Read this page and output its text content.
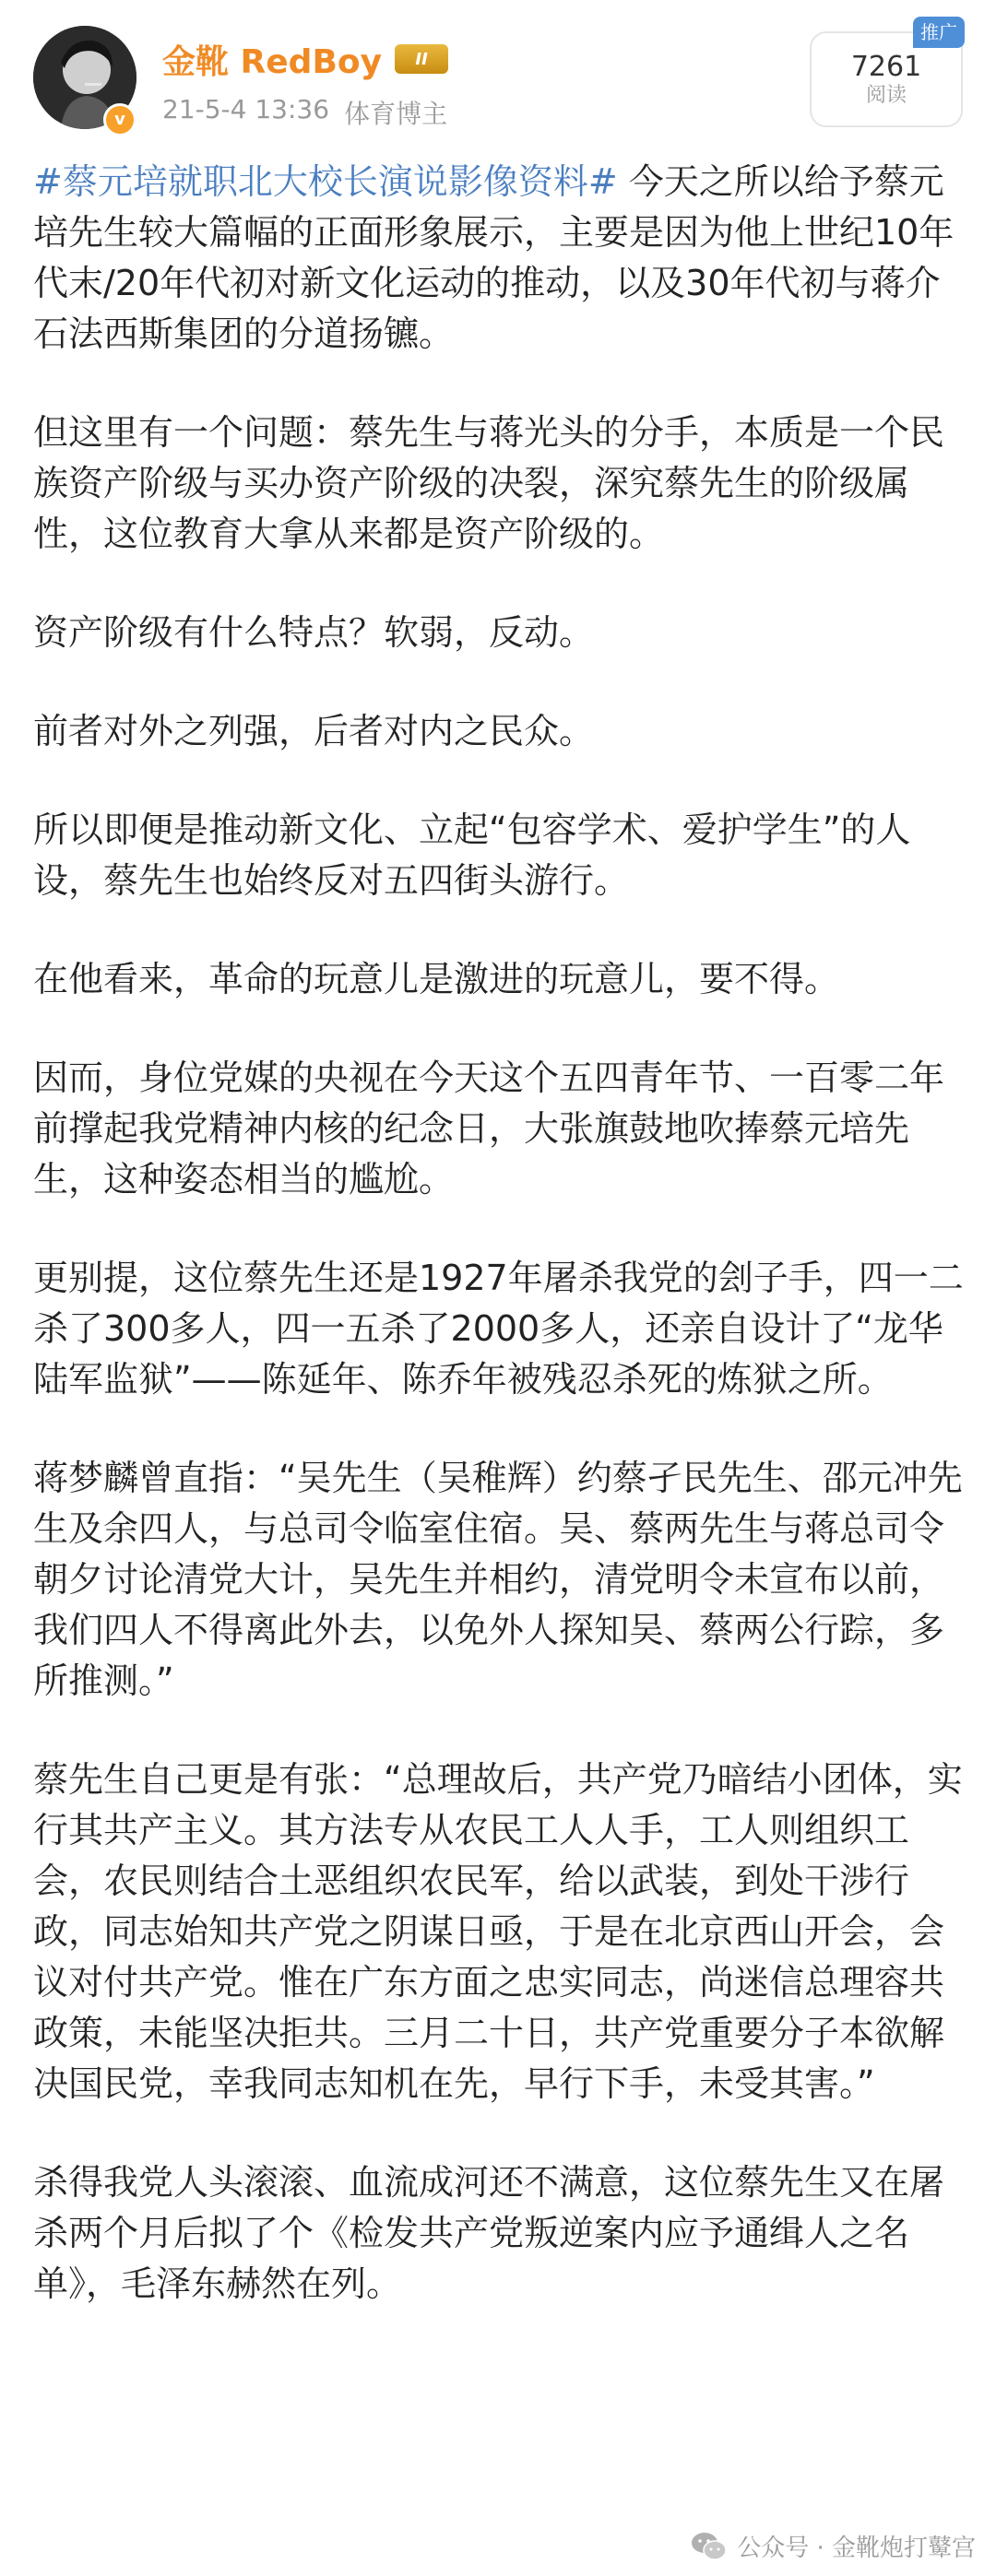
v
金靴 RedBoy	II
21-5-4 13:36 体育博主
7261
阅读
推广

#蔡元培就职北大校长演说影像资料# 今天之所以给予蔡元培先生较大篇幅的正面形象展示，主要是因为他上世纪10年代末/20年代初对新文化运动的推动，以及30年代初与蒋介石法西斯集团的分道扬镳。

但这里有一个问题：蔡先生与蒋光头的分手，本质是一个民族资产阶级与买办资产阶级的决裂，深究蔡先生的阶级属性，这位教育大拿从来都是资产阶级的。

资产阶级有什么特点？软弱，反动。

前者对外之列强，后者对内之民众。

所以即便是推动新文化、立起“包容学术、爱护学生”的人设，蔡先生也始终反对五四街头游行。

在他看来，革命的玩意儿是激进的玩意儿，要不得。

因而，身位党媒的央视在今天这个五四青年节、一百零二年前撑起我党精神内核的纪念日，大张旗鼓地吹捧蔡元培先生，这种姿态相当的尴尬。

更别提，这位蔡先生还是1927年屠杀我党的刽子手，四一二杀了300多人，四一五杀了2000多人，还亲自设计了“龙华陆军监狱”——陈延年、陈乔年被残忍杀死的炼狱之所。

蒋梦麟曾直指：“吴先生（吴稚辉）约蔡孑民先生、邵元冲先生及余四人，与总司令临室住宿。吴、蔡两先生与蒋总司令朝夕讨论清党大计，吴先生并相约，清党明令未宣布以前，我们四人不得离此外去，以免外人探知吴、蔡两公行踪，多所推测。”

蔡先生自己更是有张：“总理故后，共产党乃暗结小团体，实行其共产主义。其方法专从农民工人人手，工人则组织工会，农民则结合土恶组织农民军，给以武装，到处干涉行政，同志始知共产党之阴谋日亟，于是在北京西山开会，会议对付共产党。惟在广东方面之忠实同志，尚迷信总理容共政策，未能坚决拒共。三月二十日，共产党重要分子本欲解决国民党，幸我同志知机在先，早行下手，未受其害。”

杀得我党人头滚滚、血流成河还不满意，这位蔡先生又在屠杀两个月后拟了个《检发共产党叛逆案内应予通缉人之名单》，毛泽东赫然在列。

公众号 · 金靴炮打鼙宫
